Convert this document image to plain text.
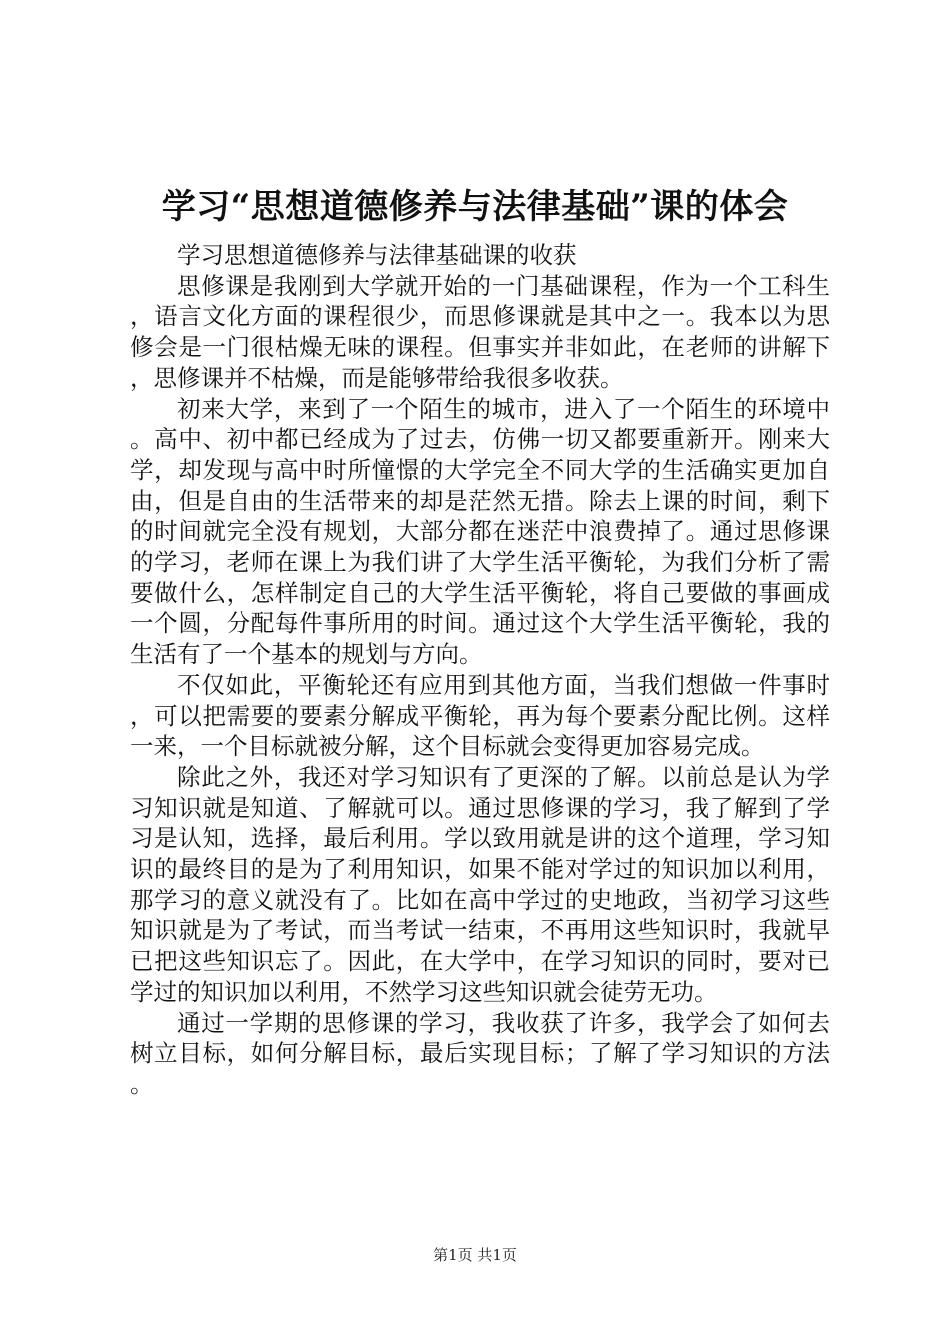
学习“思想道德修养与法律基础”课的体会

学习思想道德修养与法律基础课的收获

思修课是我刚到大学就开始的一门基础课程，作为一个工科生，语言文化方面的课程很少，而思修课就是其中之一。我本以为思修会是一门很枯燥无味的课程。但事实并非如此，在老师的讲解下，思修课并不枯燥，而是能够带给我很多收获。

初来大学，来到了一个陌生的城市，进入了一个陌生的环境中。高中、初中都已经成为了过去，仿佛一切又都要重新开。刚来大学，却发现与高中时所憧憬的大学完全不同大学的生活确实更加自由，但是自由的生活带来的却是茫然无措。除去上课的时间，剩下的时间就完全没有规划，大部分都在迷茫中浪费掉了。通过思修课的学习，老师在课上为我们讲了大学生活平衡轮，为我们分析了需要做什么，怎样制定自己的大学生活平衡轮，将自己要做的事画成一个圆，分配每件事所用的时间。通过这个大学生活平衡轮，我的生活有了一个基本的规划与方向。

不仅如此，平衡轮还有应用到其他方面，当我们想做一件事时，可以把需要的要素分解成平衡轮，再为每个要素分配比例。这样一来，一个目标就被分解，这个目标就会变得更加容易完成。

除此之外，我还对学习知识有了更深的了解。以前总是认为学习知识就是知道、了解就可以。通过思修课的学习，我了解到了学习是认知，选择，最后利用。学以致用就是讲的这个道理，学习知识的最终目的是为了利用知识，如果不能对学过的知识加以利用，那学习的意义就没有了。比如在高中学过的史地政，当初学习这些知识就是为了考试，而当考试一结束，不再用这些知识时，我就早已把这些知识忘了。因此，在大学中，在学习知识的同时，要对已学过的知识加以利用，不然学习这些知识就会徒劳无功。

通过一学期的思修课的学习，我收获了许多，我学会了如何去树立目标，如何分解目标，最后实现目标；了解了学习知识的方法。

第1页 共1页
